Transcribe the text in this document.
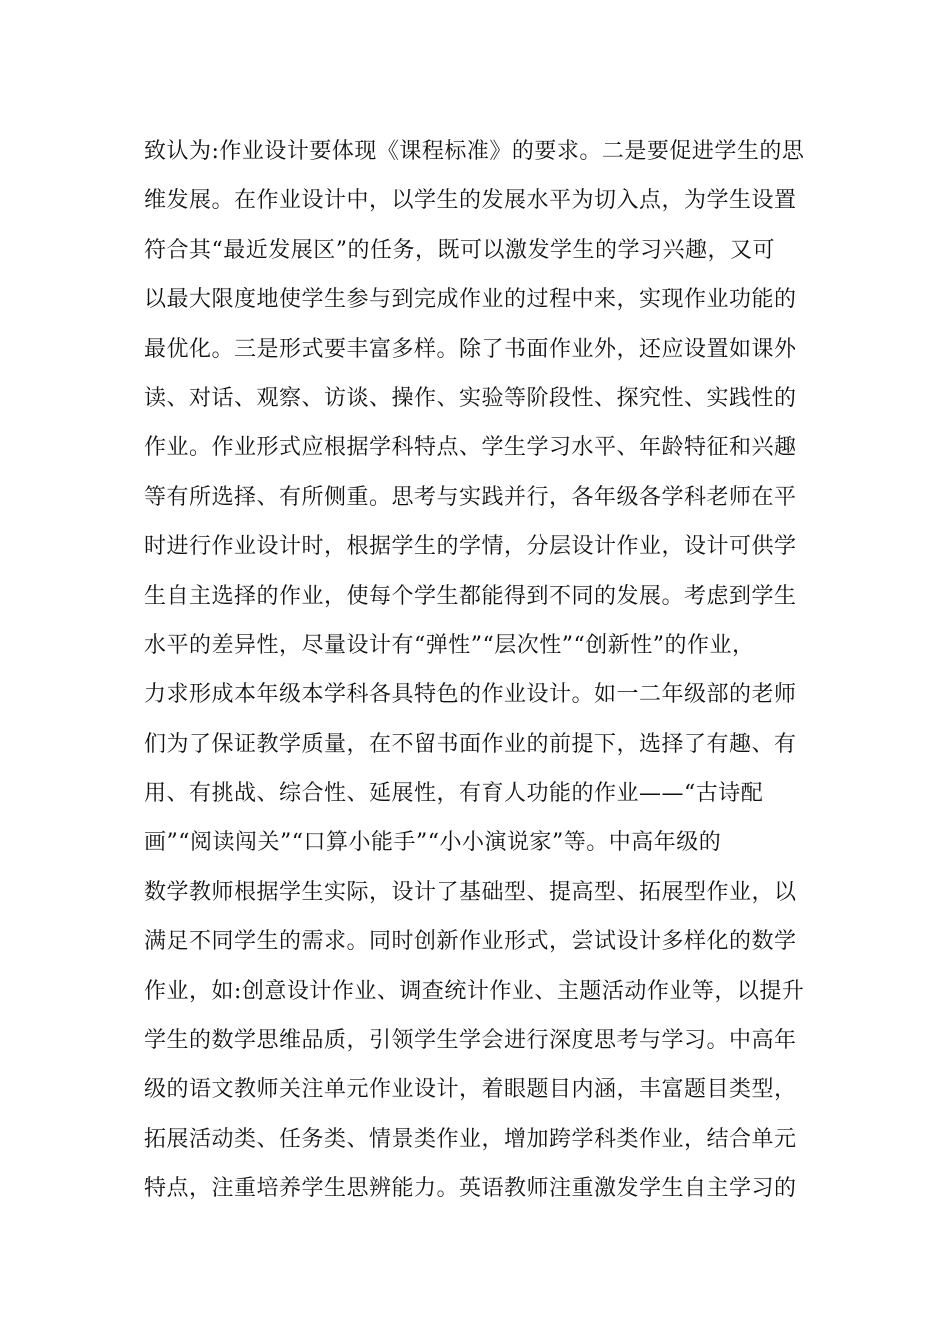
致认为:作业设计要体现《课程标准》的要求。二是要促进学生的思
维发展。在作业设计中，以学生的发展水平为切入点，为学生设置
符合其“最近发展区”的任务，既可以激发学生的学习兴趣，又可
以最大限度地使学生参与到完成作业的过程中来，实现作业功能的
最优化。三是形式要丰富多样。除了书面作业外，还应设置如课外
读、对话、观察、访谈、操作、实验等阶段性、探究性、实践性的
作业。作业形式应根据学科特点、学生学习水平、年龄特征和兴趣
等有所选择、有所侧重。思考与实践并行，各年级各学科老师在平
时进行作业设计时，根据学生的学情，分层设计作业，设计可供学
生自主选择的作业，使每个学生都能得到不同的发展。考虑到学生
水平的差异性，尽量设计有“弹性”“层次性”“创新性”的作业，
力求形成本年级本学科各具特色的作业设计。如一二年级部的老师
们为了保证教学质量，在不留书面作业的前提下，选择了有趣、有
用、有挑战、综合性、延展性，有育人功能的作业——“古诗配
画”“阅读闯关”“口算小能手”“小小演说家”等。中高年级的
数学教师根据学生实际，设计了基础型、提高型、拓展型作业，以
满足不同学生的需求。同时创新作业形式，尝试设计多样化的数学
作业，如:创意设计作业、调查统计作业、主题活动作业等，以提升
学生的数学思维品质，引领学生学会进行深度思考与学习。中高年
级的语文教师关注单元作业设计，着眼题目内涵，丰富题目类型，
拓展活动类、任务类、情景类作业，增加跨学科类作业，结合单元
特点，注重培养学生思辨能力。英语教师注重激发学生自主学习的
